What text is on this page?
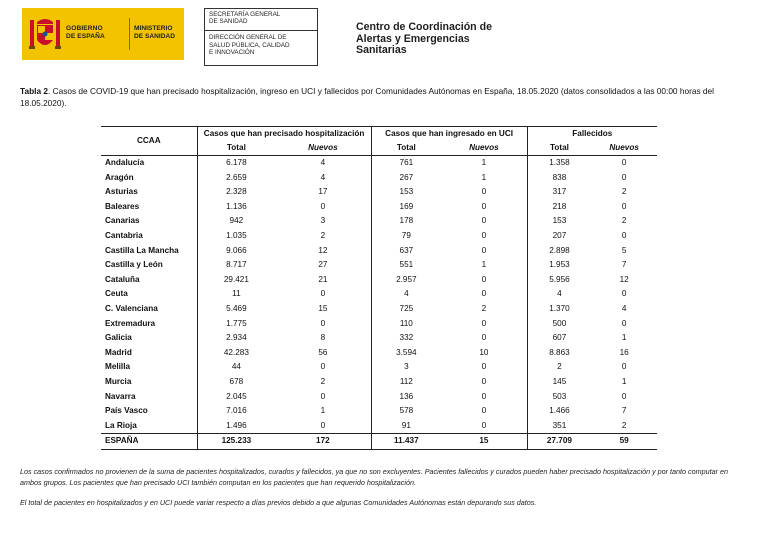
GOBIERNO
DE ESPAÑA
MINISTERIO
DE SANIDAD
SECRETARÍA GENERAL
DE SANIDAD
DIRECCIÓN GENERAL DE
SALUD PÚBLICA, CALIDAD
E INNOVACIÓN
Centro de Coordinación de
Alertas y Emergencias
Sanitarias
Tabla 2. Casos de COVID-19 que han precisado hospitalización, ingreso en UCI y fallecidos por Comunidades Autónomas en España, 18.05.2020 (datos consolidados a las 00:00 horas del 18.05.2020).
CCAA	Casos que han precisado hospitalización		Casos que han ingresado en UCI		Fallecidos	
	Total	Nuevos	Total	Nuevos	Total	Nuevos
Andalucía	6.178	4	761	1	1.358	0
Aragón	2.659	4	267	1	838	0
Asturias	2.328	17	153	0	317	2
Baleares	1.136	0	169	0	218	0
Canarias	942	3	178	0	153	2
Cantabria	1.035	2	79	0	207	0
Castilla La Mancha	9.066	12	637	0	2.898	5
Castilla y León	8.717	27	551	1	1.953	7
Cataluña	29.421	21	2.957	0	5.956	12
Ceuta	11	0	4	0	4	0
C. Valenciana	5.469	15	725	2	1.370	4
Extremadura	1.775	0	110	0	500	0
Galicia	2.934	8	332	0	607	1
Madrid	42.283	56	3.594	10	8.863	16
Melilla	44	0	3	0	2	0
Murcia	678	2	112	0	145	1
Navarra	2.045	0	136	0	503	0
País Vasco	7.016	1	578	0	1.466	7
La Rioja	1.496	0	91	0	351	2
ESPAÑA	125.233	172	11.437	15	27.709	59

Los casos confirmados no provienen de la suma de pacientes hospitalizados, curados y fallecidos, ya que no son excluyentes. Pacientes fallecidos y curados pueden haber precisado hospitalización y por tanto computar en ambos grupos. Los pacientes que han precisado UCI también computan en los pacientes que han requerido hospitalización.

El total de pacientes en hospitalizados y en UCI puede variar respecto a días previos debido a que algunas Comunidades Autónomas están depurando sus datos.
